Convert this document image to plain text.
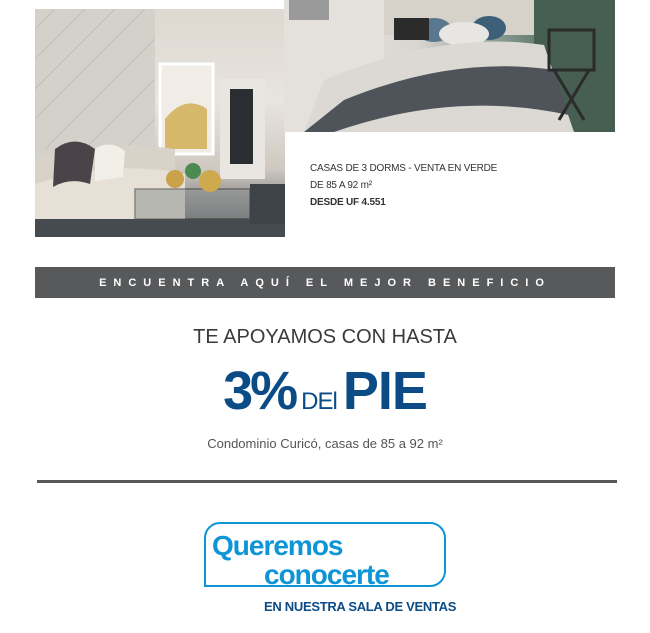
CASAS DE 3 DORMS - VENTA EN VERDE
DE 85 A 92 m²
DESDE UF 4.551
ENCUENTRA AQUÍ EL MEJOR BENEFICIO
TE APOYAMOS CON HASTA
3% DEl PIE
Condominio Curicó, casas de 85 a 92 m²
Queremos
conocerte
EN NUESTRA SALA DE VENTAS
